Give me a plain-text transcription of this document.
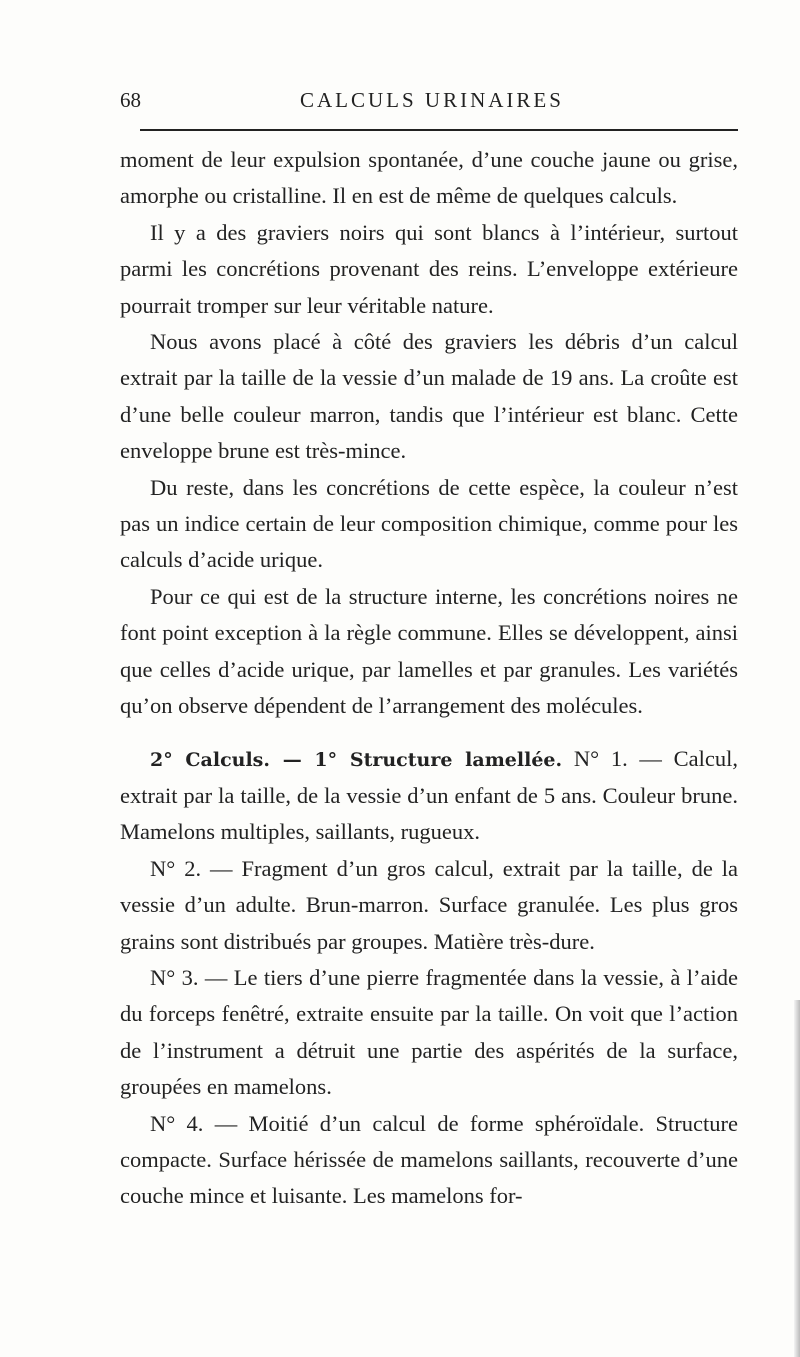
68	CALCULS URINAIRES

moment de leur expulsion spontanée, d’une couche jaune ou grise, amorphe ou cristalline. Il en est de même de quelques calculs.

Il y a des graviers noirs qui sont blancs à l’intérieur, surtout parmi les concrétions provenant des reins. L’enveloppe extérieure pourrait tromper sur leur véritable nature.

Nous avons placé à côté des graviers les débris d’un calcul extrait par la taille de la vessie d’un malade de 19 ans. La croûte est d’une belle couleur marron, tandis que l’intérieur est blanc. Cette enveloppe brune est très-mince.

Du reste, dans les concrétions de cette espèce, la couleur n’est pas un indice certain de leur composition chimique, comme pour les calculs d’acide urique.

Pour ce qui est de la structure interne, les concrétions noires ne font point exception à la règle commune. Elles se développent, ainsi que celles d’acide urique, par lamelles et par granules. Les variétés qu’on observe dépendent de l’arrangement des molécules.

2° Calculs. — 1° Structure lamellée. N° 1. — Calcul, extrait par la taille, de la vessie d’un enfant de 5 ans. Couleur brune. Mamelons multiples, saillants, rugueux.

N° 2. — Fragment d’un gros calcul, extrait par la taille, de la vessie d’un adulte. Brun-marron. Surface granulée. Les plus gros grains sont distribués par groupes. Matière très-dure.

N° 3. — Le tiers d’une pierre fragmentée dans la vessie, à l’aide du forceps fenêtré, extraite ensuite par la taille. On voit que l’action de l’instrument a détruit une partie des aspérités de la surface, groupées en mamelons.

N° 4. — Moitié d’un calcul de forme sphéroïdale. Structure compacte. Surface hérissée de mamelons saillants, recouverte d’une couche mince et luisante. Les mamelons for-
